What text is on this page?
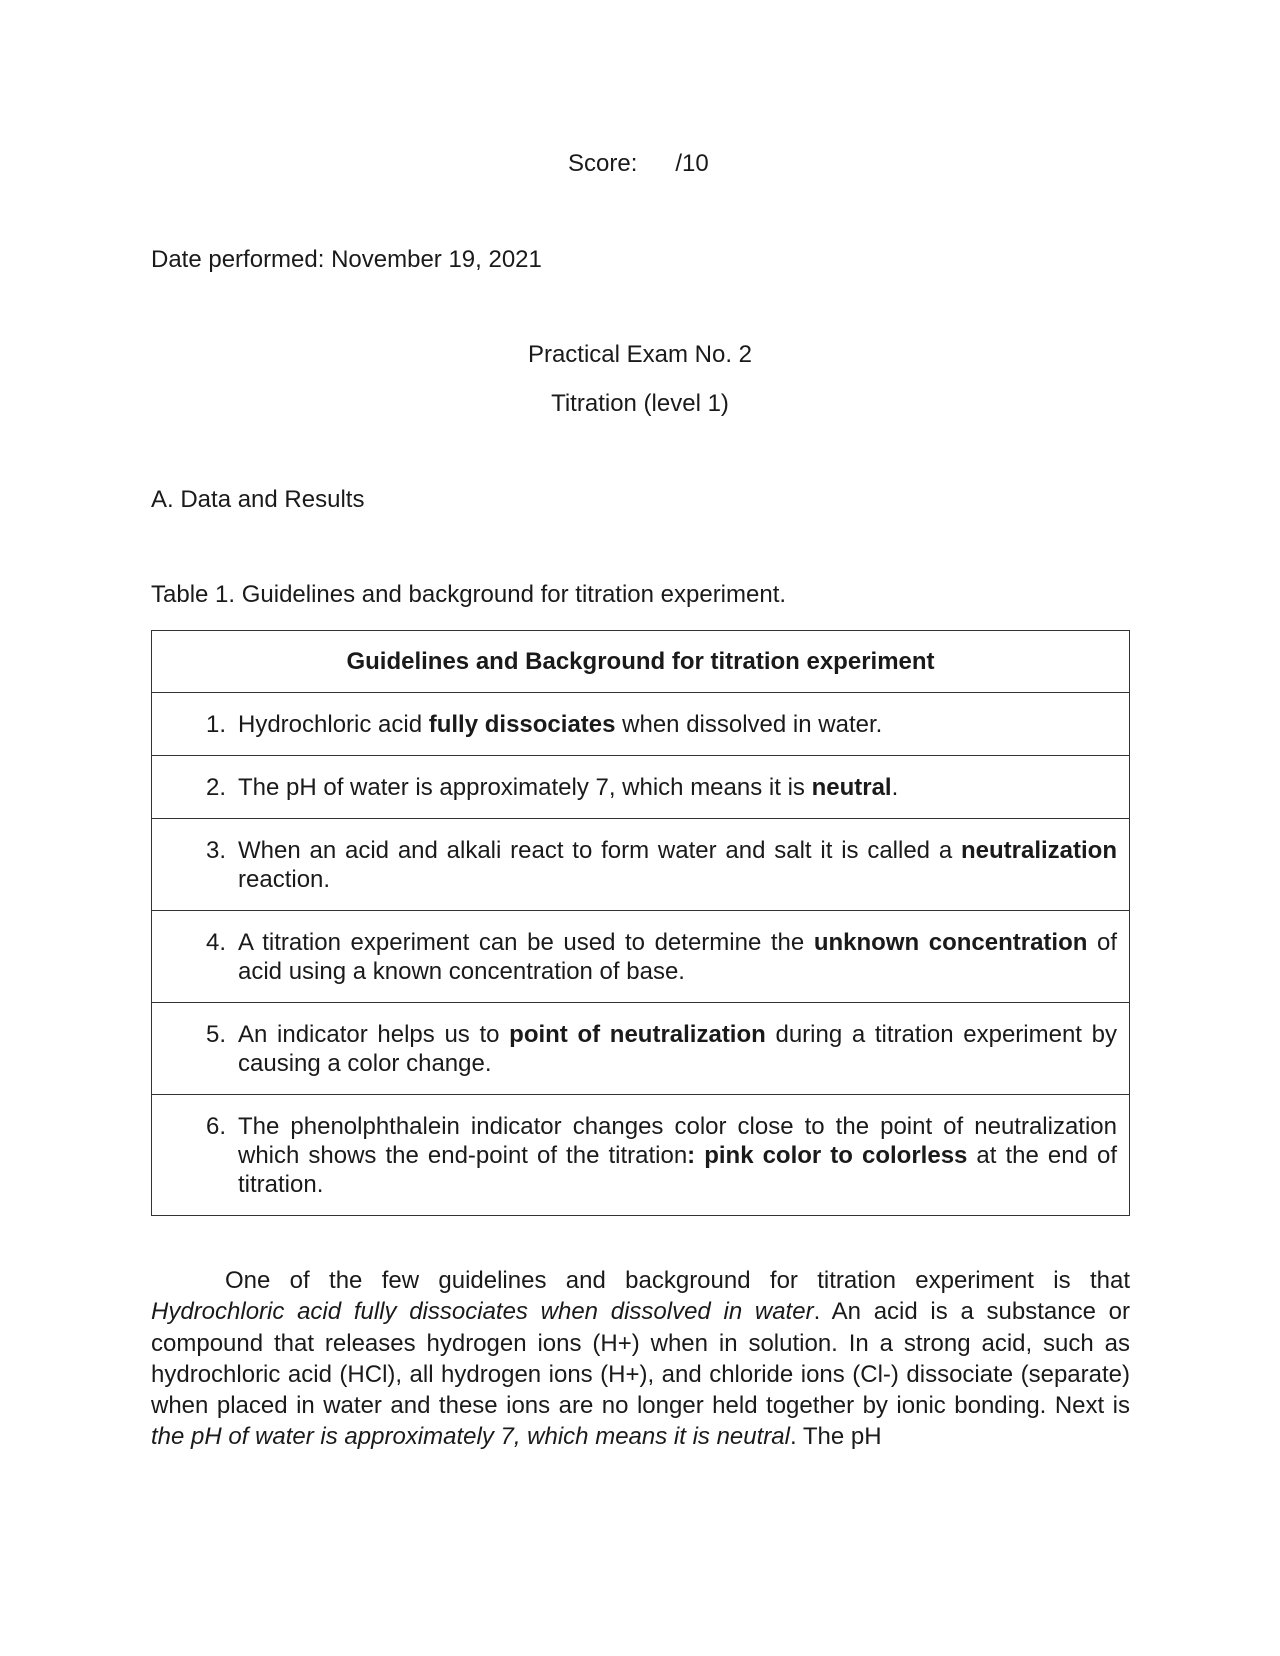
Score: /10
Date performed: November 19, 2021
Practical Exam No. 2
Titration (level 1)
A. Data and Results
Table 1. Guidelines and background for titration experiment.
Guidelines and Background for titration experiment

1. Hydrochloric acid fully dissociates when dissolved in water.

2. The pH of water is approximately 7, which means it is neutral.

3. When an acid and alkali react to form water and salt it is called a neutralization reaction.

4. A titration experiment can be used to determine the unknown concentration of acid using a known concentration of base.

5. An indicator helps us to point of neutralization during a titration experiment by causing a color change.

6. The phenolphthalein indicator changes color close to the point of neutralization which shows the end-point of the titration: pink color to colorless at the end of titration.

One of the few guidelines and background for titration experiment is that Hydrochloric acid fully dissociates when dissolved in water. An acid is a substance or compound that releases hydrogen ions (H+) when in solution. In a strong acid, such as hydrochloric acid (HCl), all hydrogen ions (H+), and chloride ions (Cl-) dissociate (separate) when placed in water and these ions are no longer held together by ionic bonding. Next is the pH of water is approximately 7, which means it is neutral. The pH
